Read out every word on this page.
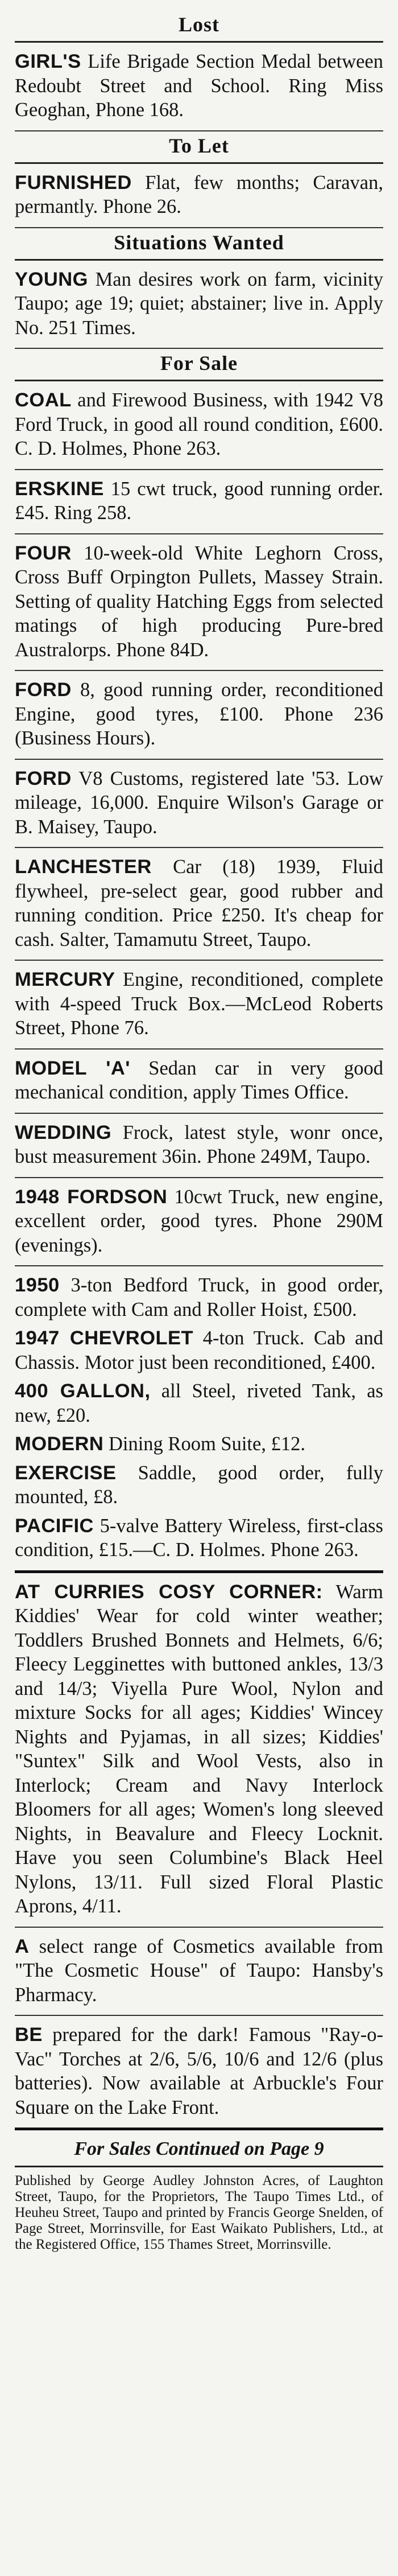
Lost
GIRL'S Life Brigade Section Medal between Redoubt Street and School. Ring Miss Geoghan, Phone 168.
To Let
FURNISHED Flat, few months; Caravan, permantly. Phone 26.
Situations Wanted
YOUNG Man desires work on farm, vicinity Taupo; age 19; quiet; abstainer; live in. Apply No. 251 Times.
For Sale
COAL and Firewood Business, with 1942 V8 Ford Truck, in good all round condition, £600. C. D. Holmes, Phone 263.
ERSKINE 15 cwt truck, good running order. £45. Ring 258.
FOUR 10-week-old White Leghorn Cross, Cross Buff Orpington Pullets, Massey Strain. Setting of quality Hatching Eggs from selected matings of high producing Pure-bred Australorps. Phone 84D.
FORD 8, good running order, reconditioned Engine, good tyres, £100. Phone 236 (Business Hours).
FORD V8 Customs, registered late '53. Low mileage, 16,000. Enquire Wilson's Garage or B. Maisey, Taupo.
LANCHESTER Car (18) 1939, Fluid flywheel, pre-select gear, good rubber and running condition. Price £250. It's cheap for cash. Salter, Tamamutu Street, Taupo.
MERCURY Engine, reconditioned, complete with 4-speed Truck Box.—McLeod Roberts Street, Phone 76.
MODEL 'A' Sedan car in very good mechanical condition, apply Times Office.
WEDDING Frock, latest style, wonr once, bust measurement 36in. Phone 249M, Taupo.
1948 FORDSON 10cwt Truck, new engine, excellent order, good tyres. Phone 290M (evenings).
1950 3-ton Bedford Truck, in good order, complete with Cam and Roller Hoist, £500.
1947 CHEVROLET 4-ton Truck. Cab and Chassis. Motor just been reconditioned, £400.
400 GALLON, all Steel, riveted Tank, as new, £20.
MODERN Dining Room Suite, £12.
EXERCISE Saddle, good order, fully mounted, £8.
PACIFIC 5-valve Battery Wireless, first-class condition, £15.—C. D. Holmes. Phone 263.
AT CURRIES COSY CORNER: Warm Kiddies' Wear for cold winter weather; Toddlers Brushed Bonnets and Helmets, 6/6; Fleecy Legginettes with buttoned ankles, 13/3 and 14/3; Viyella Pure Wool, Nylon and mixture Socks for all ages; Kiddies' Wincey Nights and Pyjamas, in all sizes; Kiddies' "Suntex" Silk and Wool Vests, also in Interlock; Cream and Navy Interlock Bloomers for all ages; Women's long sleeved Nights, in Beavalure and Fleecy Locknit. Have you seen Columbine's Black Heel Nylons, 13/11. Full sized Floral Plastic Aprons, 4/11.
A select range of Cosmetics available from "The Cosmetic House" of Taupo: Hansby's Pharmacy.
BE prepared for the dark! Famous "Ray-o-Vac" Torches at 2/6, 5/6, 10/6 and 12/6 (plus batteries). Now available at Arbuckle's Four Square on the Lake Front.
For Sales Continued on Page 9
Published by George Audley Johnston Acres, of Laughton Street, Taupo, for the Proprietors, The Taupo Times Ltd., of Heuheu Street, Taupo and printed by Francis George Snelden, of Page Street, Morrinsville, for East Waikato Publishers, Ltd., at the Registered Office, 155 Thames Street, Morrinsville.
